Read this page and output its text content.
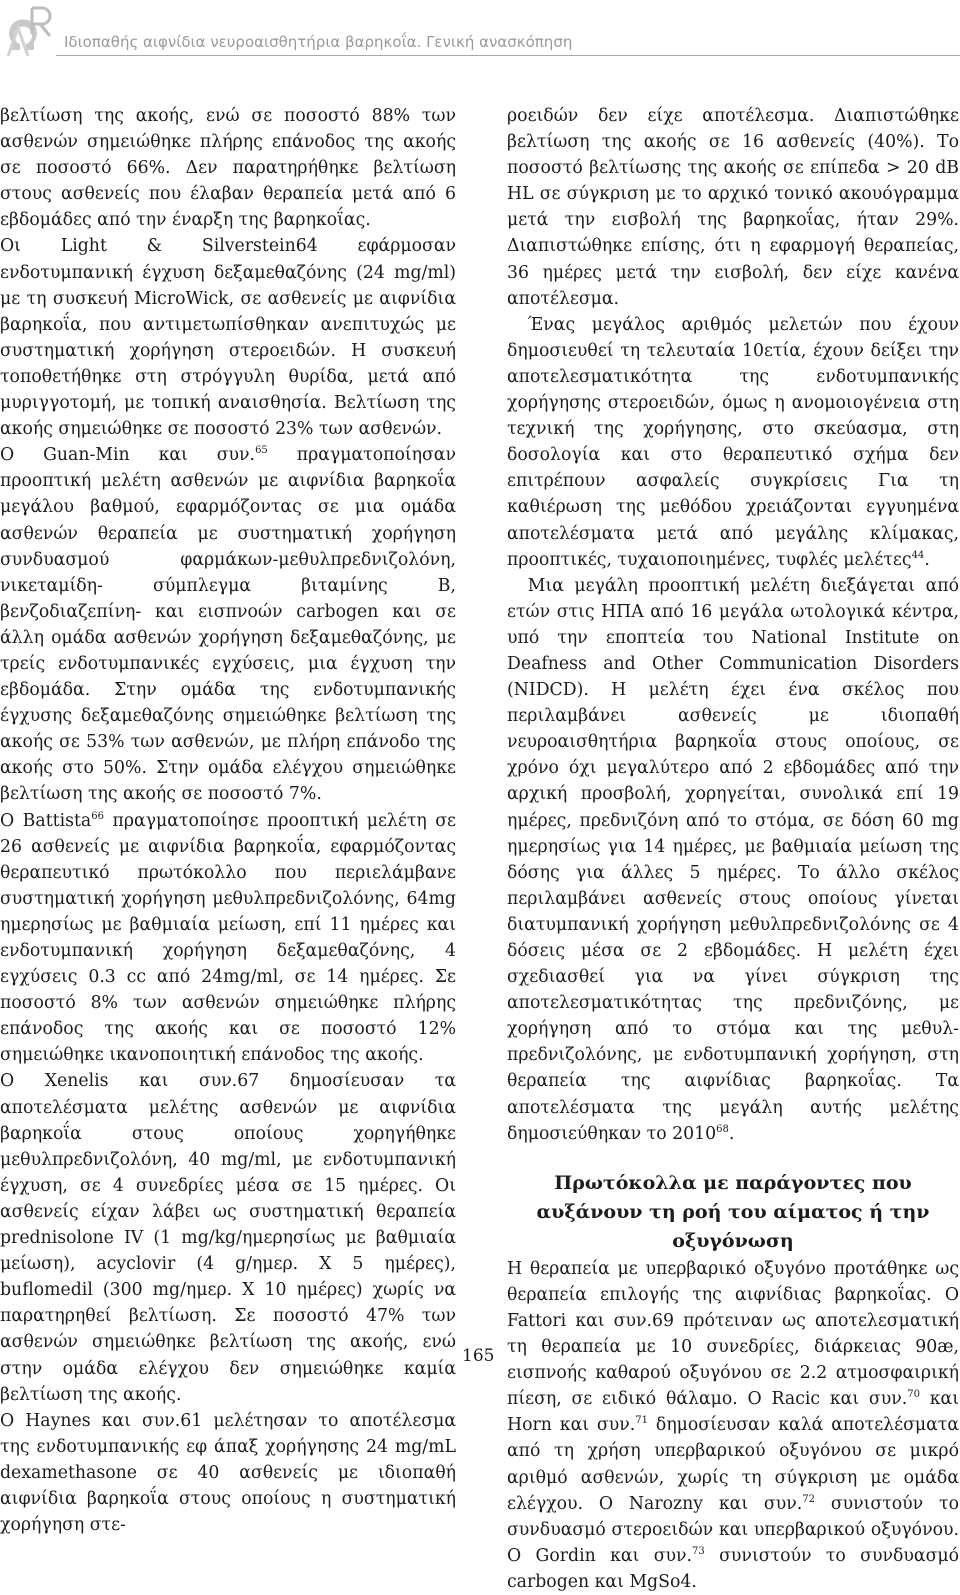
Ιδιοπαθής αιφνίδια νευροαισθητήρια βαρηκοΐα. Γενική ανασκόπηση

βελτίωση της ακοής, ενώ σε ποσοστό 88% των ασθενών σημειώθηκε πλήρης επάνοδος της ακοής σε ποσοστό 66%. Δεν παρατηρήθηκε βελτίωση στους ασθενείς που έλαβαν θεραπεία μετά από 6 εβδομάδες από την έναρξη της βαρηκοΐας.

Οι Light & Silverstein64 εφάρμοσαν ενδοτυμπανική έγχυση δεξαμεθαζόνης (24 mg/ml) με τη συσκευή MicroWick, σε ασθενείς με αιφνίδια βαρηκοΐα, που αντιμετωπίσθηκαν ανεπιτυχώς με συστηματική χορήγηση στεροειδών. Η συσκευή τοποθετήθηκε στη στρόγγυλη θυρίδα, μετά από μυριγγοτομή, με τοπική αναισθησία. Βελτίωση της ακοής σημειώθηκε σε ποσοστό 23% των ασθενών.

Ο Guan-Min και συν.$^{65}$ πραγματοποίησαν προοπτική μελέτη ασθενών με αιφνίδια βαρηκοΐα μεγάλου βαθμού, εφαρμόζοντας σε μια ομάδα ασθενών θεραπεία με συστηματική χορήγηση συνδυασμού φαρμάκων-μεθυλπρεδνιζολόνη, νικεταμίδη- σύμπλεγμα βιταμίνης Β, βενζοδιαζεπίνη- και εισπνοών carbogen και σε άλλη ομάδα ασθενών χορήγηση δεξαμεθαζόνης, με τρείς ενδοτυμπανικές εγχύσεις, μια έγχυση την εβδομάδα. Στην ομάδα της ενδοτυμπανικής έγχυσης δεξαμεθαζόνης σημειώθηκε βελτίωση της ακοής σε 53% των ασθενών, με πλήρη επάνοδο της ακοής στο 50%. Στην ομάδα ελέγχου σημειώθηκε βελτίωση της ακοής σε ποσοστό 7%.

Ο Battista$^{66}$ πραγματοποίησε προοπτική μελέτη σε 26 ασθενείς με αιφνίδια βαρηκοΐα, εφαρμόζοντας θεραπευτικό πρωτόκολλο που περιελάμβανε συστηματική χορήγηση μεθυλπρεδνιζολόνης, 64mg ημερησίως με βαθμιαία μείωση, επί 11 ημέρες και ενδοτυμπανική χορήγηση δεξαμεθαζόνης, 4 εγχύσεις 0.3 cc από 24mg/ml, σε 14 ημέρες. Σε ποσοστό 8% των ασθενών σημειώθηκε πλήρης επάνοδος της ακοής και σε ποσοστό 12% σημειώθηκε ικανοποιητική επάνοδος της ακοής.

Ο Xenelis και συν.67 δημοσίευσαν τα αποτελέσματα μελέτης ασθενών με αιφνίδια βαρηκοΐα στους οποίους χορηγήθηκε μεθυλπρεδνιζολόνη, 40 mg/ml, με ενδοτυμπανική έγχυση, σε 4 συνεδρίες μέσα σε 15 ημέρες. Οι ασθενείς είχαν λάβει ως συστηματική θεραπεία prednisolone IV (1 mg/kg/ημερησίως με βαθμιαία μείωση), acyclovir (4 g/ημερ. Χ 5 ημέρες), buflomedil (300 mg/ημερ. Χ 10 ημέρες) χωρίς να παρατηρηθεί βελτίωση. Σε ποσοστό 47% των ασθενών σημειώθηκε βελτίωση της ακοής, ενώ στην ομάδα ελέγχου δεν σημειώθηκε καμία βελτίωση της ακοής.

Ο Haynes και συν.61 μελέτησαν το αποτέλεσμα της ενδοτυμπανικής εφ άπαξ χορήγησης 24 mg/mL dexamethasone σε 40 ασθενείς με ιδιοπαθή αιφνίδια βαρηκοΐα στους οποίους η συστηματική χορήγηση στε-

ροειδών δεν είχε αποτέλεσμα. Διαπιστώθηκε βελτίωση της ακοής σε 16 ασθενείς (40%). Το ποσοστό βελτίωσης της ακοής σε επίπεδα > 20 dB HL σε σύγκριση με το αρχικό τονικό ακουόγραμμα μετά την εισβολή της βαρηκοΐας, ήταν 29%. Διαπιστώθηκε επίσης, ότι η εφαρμογή θεραπείας, 36 ημέρες μετά την εισβολή, δεν είχε κανένα αποτέλεσμα.

Ένας μεγάλος αριθμός μελετών που έχουν δημοσιευθεί τη τελευταία 10ετία, έχουν δείξει την αποτελεσματικότητα της ενδοτυμπανικής χορήγησης στεροειδών, όμως η ανομοιογένεια στη τεχνική της χορήγησης, στο σκεύασμα, στη δοσολογία και στο θεραπευτικό σχήμα δεν επιτρέπουν ασφαλείς συγκρίσεις Για τη καθιέρωση της μεθόδου χρειάζονται εγγυημένα αποτελέσματα μετά από μεγάλης κλίμακας, προοπτικές, τυχαιοποιημένες, τυφλές μελέτες$^{44}$.

Μια μεγάλη προοπτική μελέτη διεξάγεται από ετών στις ΗΠΑ από 16 μεγάλα ωτολογικά κέντρα, υπό την εποπτεία του National Institute on Deafness and Other Communication Disorders (NIDCD). Η μελέτη έχει ένα σκέλος που περιλαμβάνει ασθενείς με ιδιοπαθή νευροαισθητήρια βαρηκοΐα στους οποίους, σε χρόνο όχι μεγαλύτερο από 2 εβδομάδες από την αρχική προσβολή, χορηγείται, συνολικά επί 19 ημέρες, πρεδνιζόνη από το στόμα, σε δόση 60 mg ημερησίως για 14 ημέρες, με βαθμιαία μείωση της δόσης για άλλες 5 ημέρες. Το άλλο σκέλος περιλαμβάνει ασθενείς στους οποίους γίνεται διατυμπανική χορήγηση μεθυλπρεδνιζολόνης σε 4 δόσεις μέσα σε 2 εβδομάδες. Η μελέτη έχει σχεδιασθεί για να γίνει σύγκριση της αποτελεσματικότητας της πρεδνιζόνης, με χορήγηση από το στόμα και της μεθυλ-πρεδνιζολόνης, με ενδοτυμπανική χορήγηση, στη θεραπεία της αιφνίδιας βαρηκοΐας. Τα αποτελέσματα της μεγάλη αυτής μελέτης δημοσιεύθηκαν το 2010$^{68}$.

Πρωτόκολλα με παράγοντες που αυξάνουν τη ροή του αίματος ή την οξυγόνωση

Η θεραπεία με υπερβαρικό οξυγόνο προτάθηκε ως θεραπεία επιλογής της αιφνίδιας βαρηκοΐας. Ο Fattori και συν.69 πρότειναν ως αποτελεσματική τη θεραπεία με 10 συνεδρίες, διάρκειας 90æ, εισπνοής καθαρού οξυγόνου σε 2.2 ατμοσφαιρική πίεση, σε ειδικό θάλαμο. Ο Racic και συν.$^{70}$ και Horn και συν.$^{71}$ δημοσίευσαν καλά αποτελέσματα από τη χρήση υπερβαρικού οξυγόνου σε μικρό αριθμό ασθενών, χωρίς τη σύγκριση με ομάδα ελέγχου. Ο Narozny και συν.$^{72}$ συνιστούν το συνδυασμό στεροειδών και υπερβαρικού οξυγόνου. Ο Gordin και συν.$^{73}$ συνιστούν το συνδυασμό carbogen και MgSo4.

165
